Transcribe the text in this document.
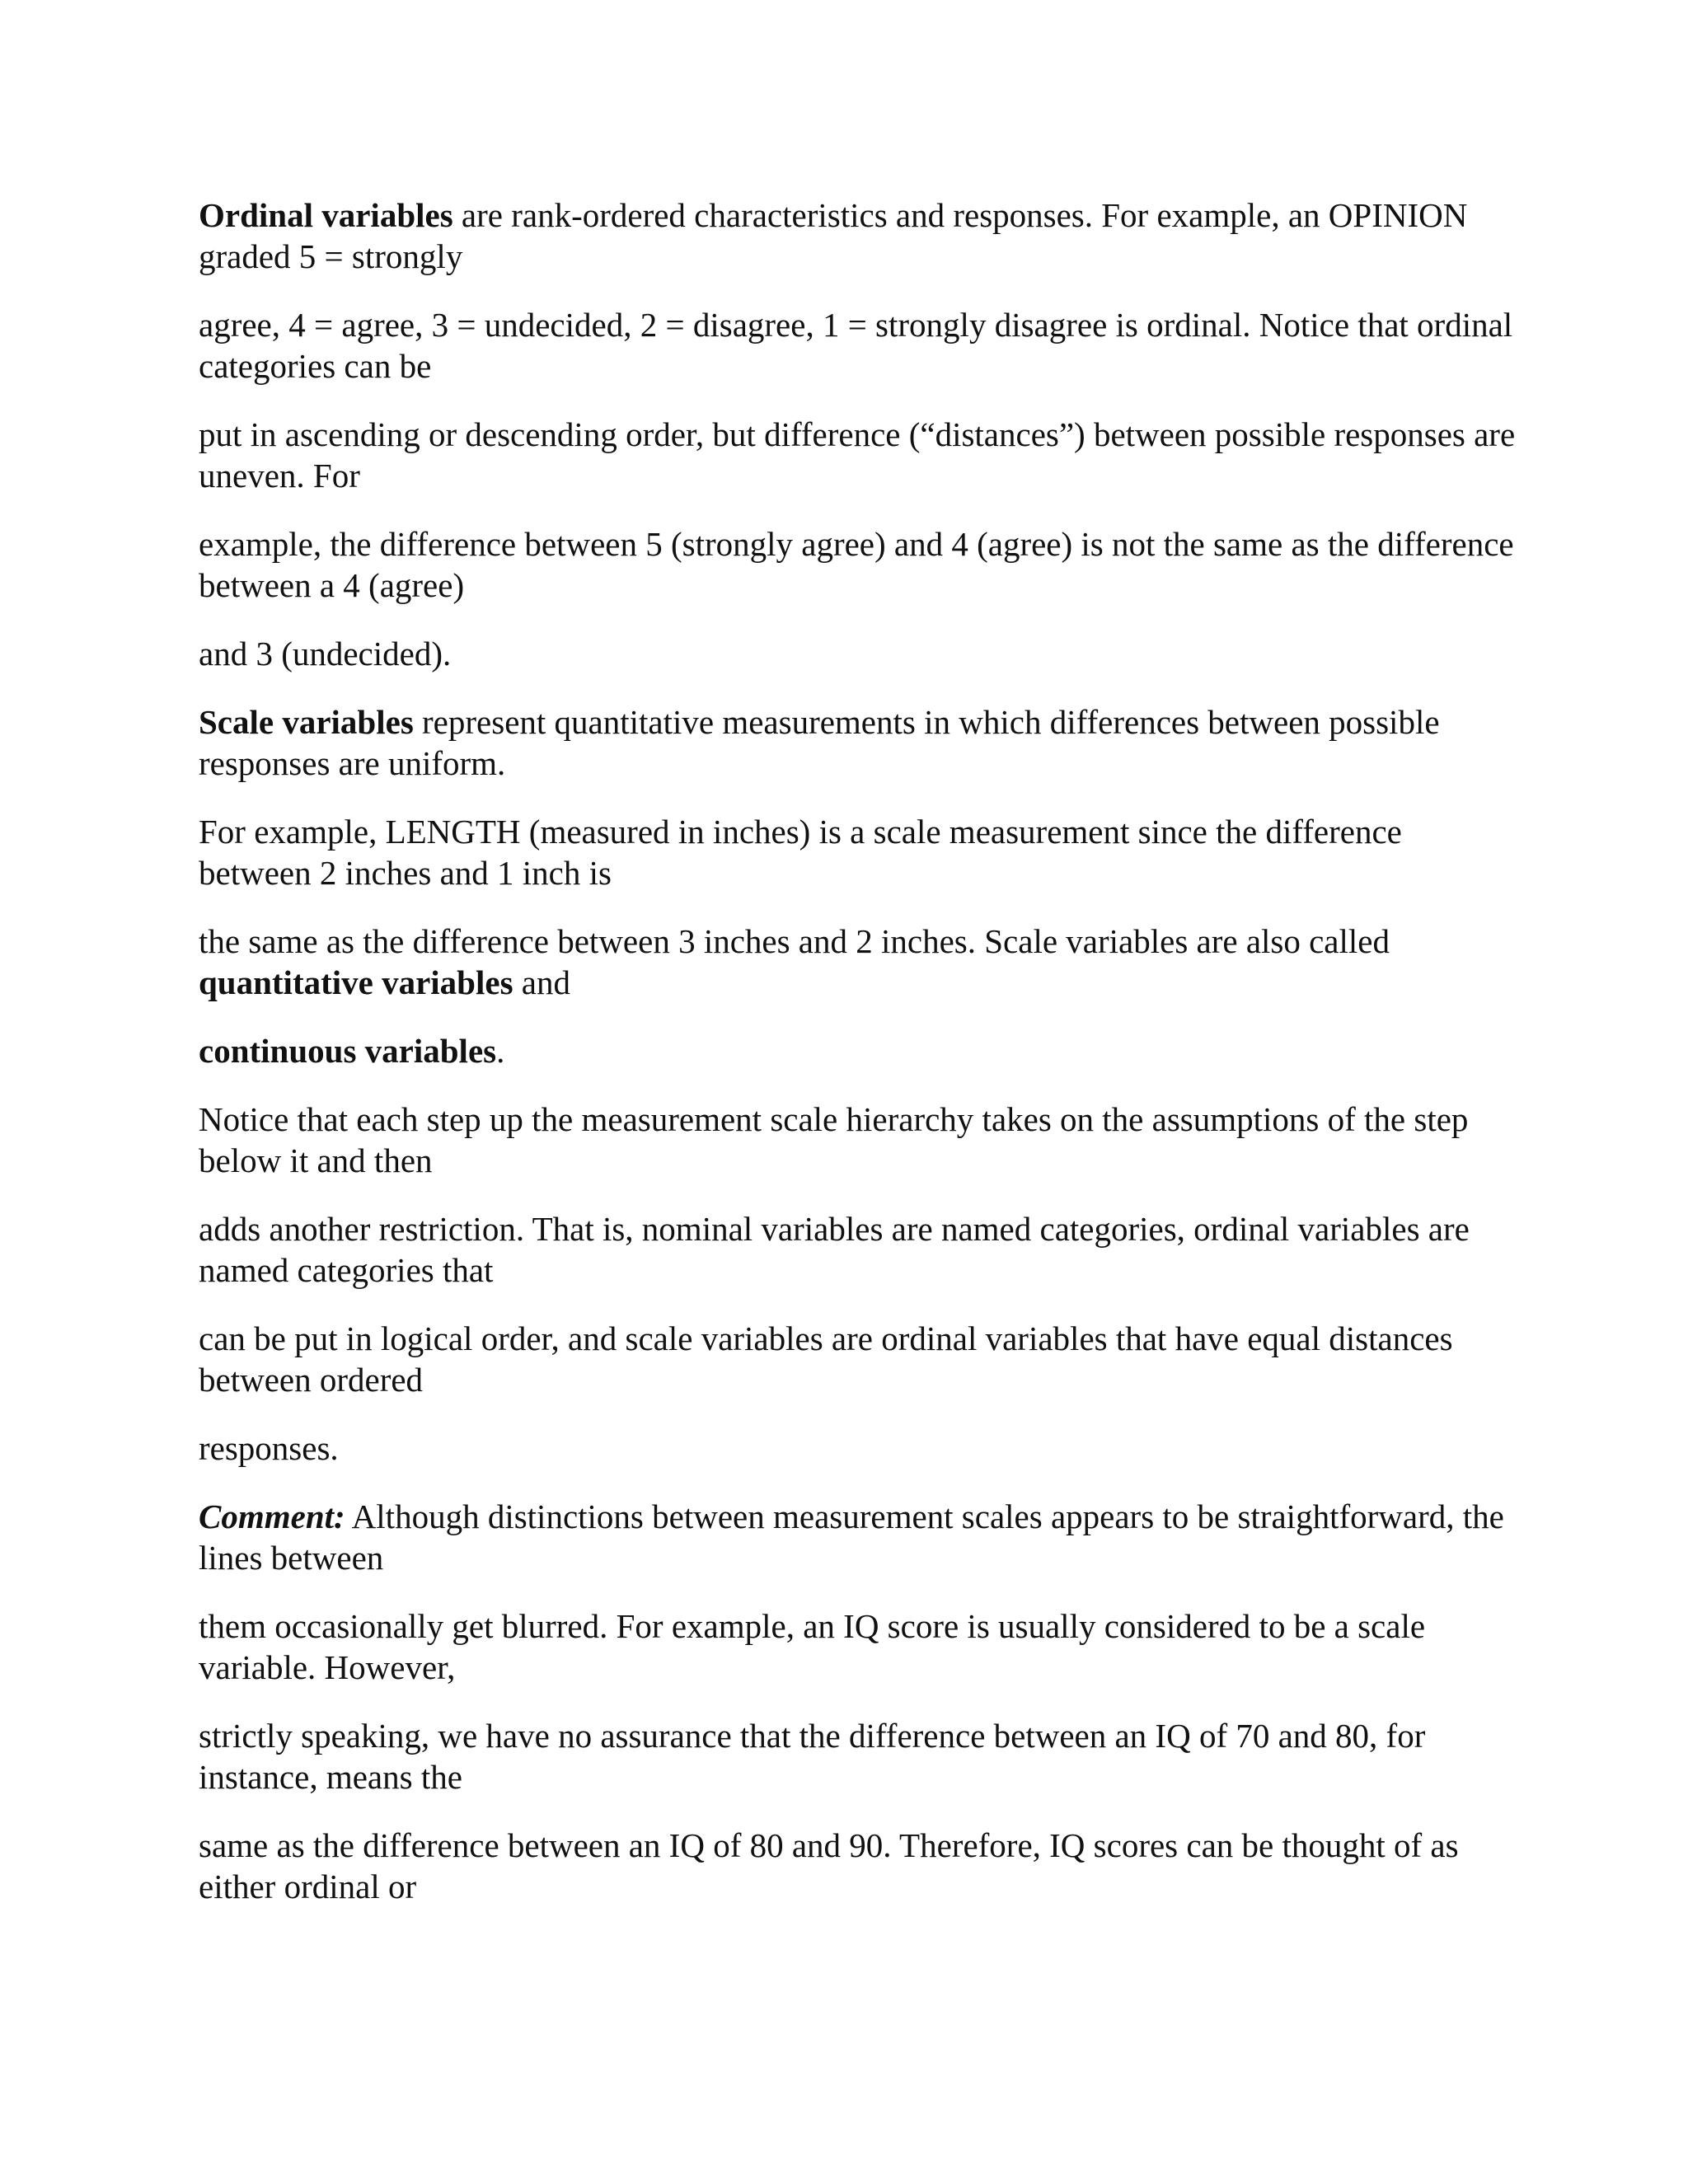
Ordinal variables are rank-ordered characteristics and responses. For example, an OPINION graded 5 = strongly

agree, 4 = agree, 3 = undecided, 2 = disagree, 1 = strongly disagree is ordinal. Notice that ordinal categories can be

put in ascending or descending order, but difference (“distances”) between possible responses are uneven. For

example, the difference between 5 (strongly agree) and 4 (agree) is not the same as the difference between a 4 (agree)

and 3 (undecided).

Scale variables represent quantitative measurements in which differences between possible responses are uniform.

For example, LENGTH (measured in inches) is a scale measurement since the difference between 2 inches and 1 inch is

the same as the difference between 3 inches and 2 inches. Scale variables are also called quantitative variables and

continuous variables.

Notice that each step up the measurement scale hierarchy takes on the assumptions of the step below it and then

adds another restriction. That is, nominal variables are named categories, ordinal variables are named categories that

can be put in logical order, and scale variables are ordinal variables that have equal distances between ordered

responses.

Comment: Although distinctions between measurement scales appears to be straightforward, the lines between

them occasionally get blurred. For example, an IQ score is usually considered to be a scale variable. However,

strictly speaking, we have no assurance that the difference between an IQ of 70 and 80, for instance, means the

same as the difference between an IQ of 80 and 90. Therefore, IQ scores can be thought of as either ordinal or
